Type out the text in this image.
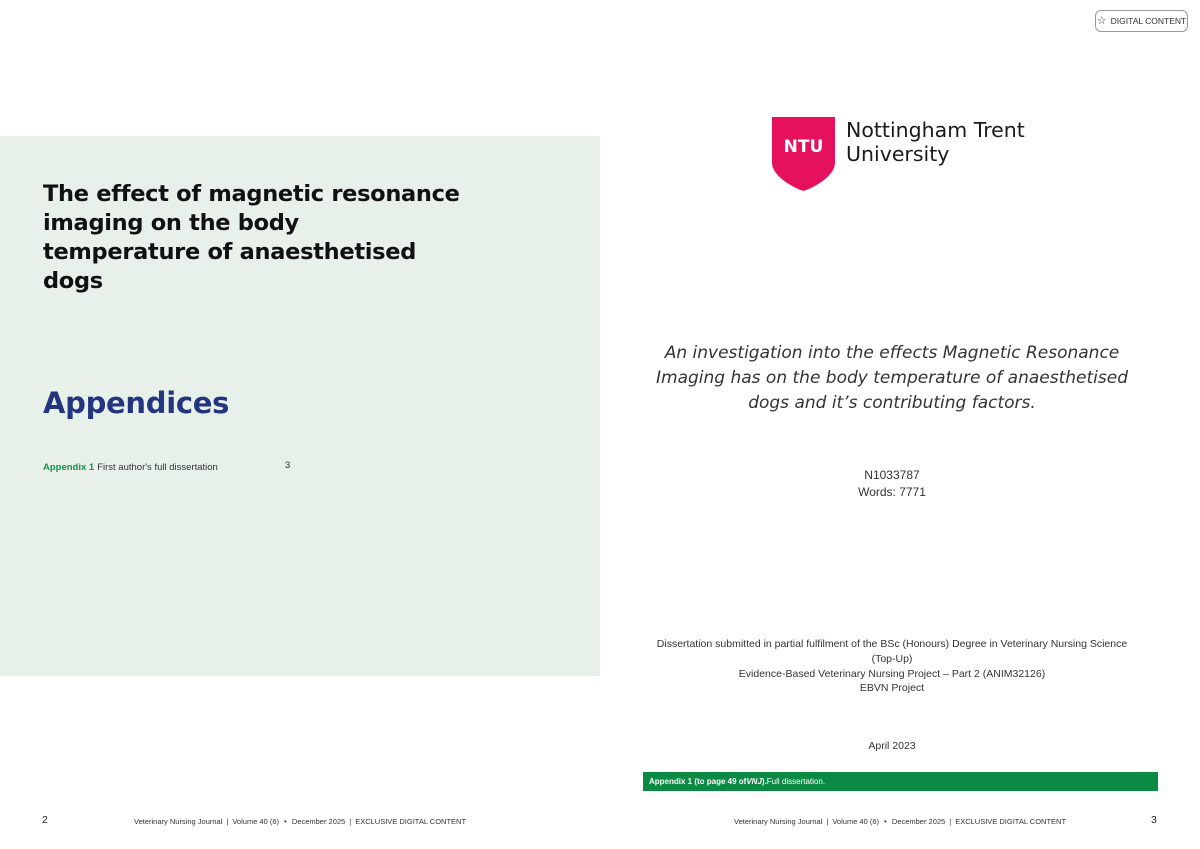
☆ DIGITAL CONTENT
The effect of magnetic resonance imaging on the body temperature of anaesthetised dogs
Appendices
Appendix 1 First author's full dissertation	3
NTU
Nottingham Trent
University

An investigation into the effects Magnetic Resonance Imaging has on the body temperature of anaesthetised dogs and it’s contributing factors.

N1033787
Words: 7771
Dissertation submitted in partial fulfilment of the BSc (Honours) Degree in Veterinary Nursing Science
(Top-Up)
Evidence-Based Veterinary Nursing Project – Part 2 (ANIM32126)
EBVN Project
April 2023
Appendix 1 (to page 49 of VNJ ). Full dissertation.
2	Veterinary Nursing Journal | Volume 40 (6) • December 2025 | EXCLUSIVE DIGITAL CONTENT	Veterinary Nursing Journal | Volume 40 (6) • December 2025 | EXCLUSIVE DIGITAL CONTENT	3
